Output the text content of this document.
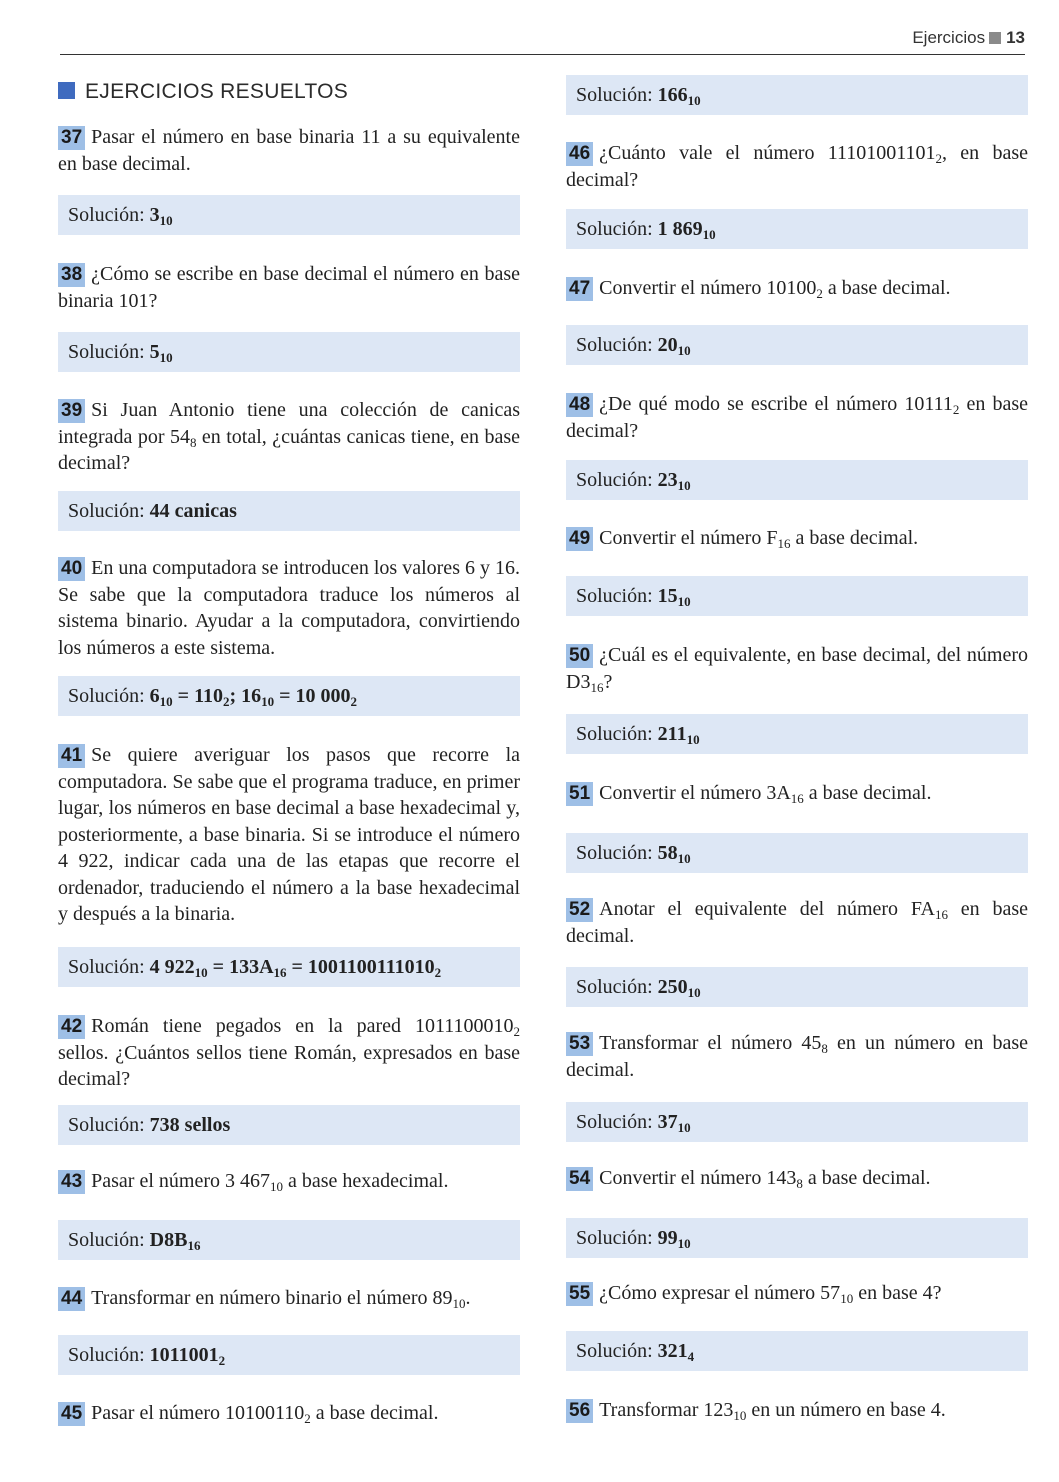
Ejercicios 13
EJERCICIOS RESUELTOS
37 Pasar el número en base binaria 11 a su equivalente en base decimal.
Solución: $3_{10}$
38 ¿Cómo se escribe en base decimal el número en base binaria 101?
Solución: $5_{10}$
39 Si Juan Antonio tiene una colección de canicas integrada por $54_8$ en total, ¿cuántas canicas tiene, en base decimal?
Solución: 44 canicas
40 En una computadora se introducen los valores 6 y 16. Se sabe que la computadora traduce los números al sistema binario. Ayudar a la computadora, convirtiendo los números a este sistema.
Solución: $6_{10} = 110_2$; $16_{10} = 10$ $000_2$
41 Se quiere averiguar los pasos que recorre la computadora. Se sabe que el programa traduce, en primer lugar, los números en base decimal a base hexadecimal y, posteriormente, a base binaria. Si se introduce el número 4 922, indicar cada una de las etapas que recorre el ordenador, traduciendo el número a la base hexadecimal y después a la binaria.
Solución: 4 $922_{10} = 133A_{16} = 1001100111010_2$
42 Román tiene pegados en la pared $1011100010_2$ sellos. ¿Cuántos sellos tiene Román, expresados en base decimal?
Solución: 738 sellos
43 Pasar el número 3 $467_{10}$ a base hexadecimal.
Solución: $D8B_{16}$
44 Transformar en número binario el número $89_{10}$.
Solución: $1011001_2$
45 Pasar el número $10100110_2$ a base decimal.
Solución: $166_{10}$
46 ¿Cuánto vale el número $11101001101_2$, en base decimal?
Solución: 1 $869_{10}$
47 Convertir el número $10100_2$ a base decimal.
Solución: $20_{10}$
48 ¿De qué modo se escribe el número $10111_2$ en base decimal?
Solución: $23_{10}$
49 Convertir el número $F_{16}$ a base decimal.
Solución: $15_{10}$
50 ¿Cuál es el equivalente, en base decimal, del número $D3_{16}$?
Solución: $211_{10}$
51 Convertir el número $3A_{16}$ a base decimal.
Solución: $58_{10}$
52 Anotar el equivalente del número $FA_{16}$ en base decimal.
Solución: $250_{10}$
53 Transformar el número $45_8$ en un número en base decimal.
Solución: $37_{10}$
54 Convertir el número $143_8$ a base decimal.
Solución: $99_{10}$
55 ¿Cómo expresar el número $57_{10}$ en base 4?
Solución: $321_4$
56 Transformar $123_{10}$ en un número en base 4.
